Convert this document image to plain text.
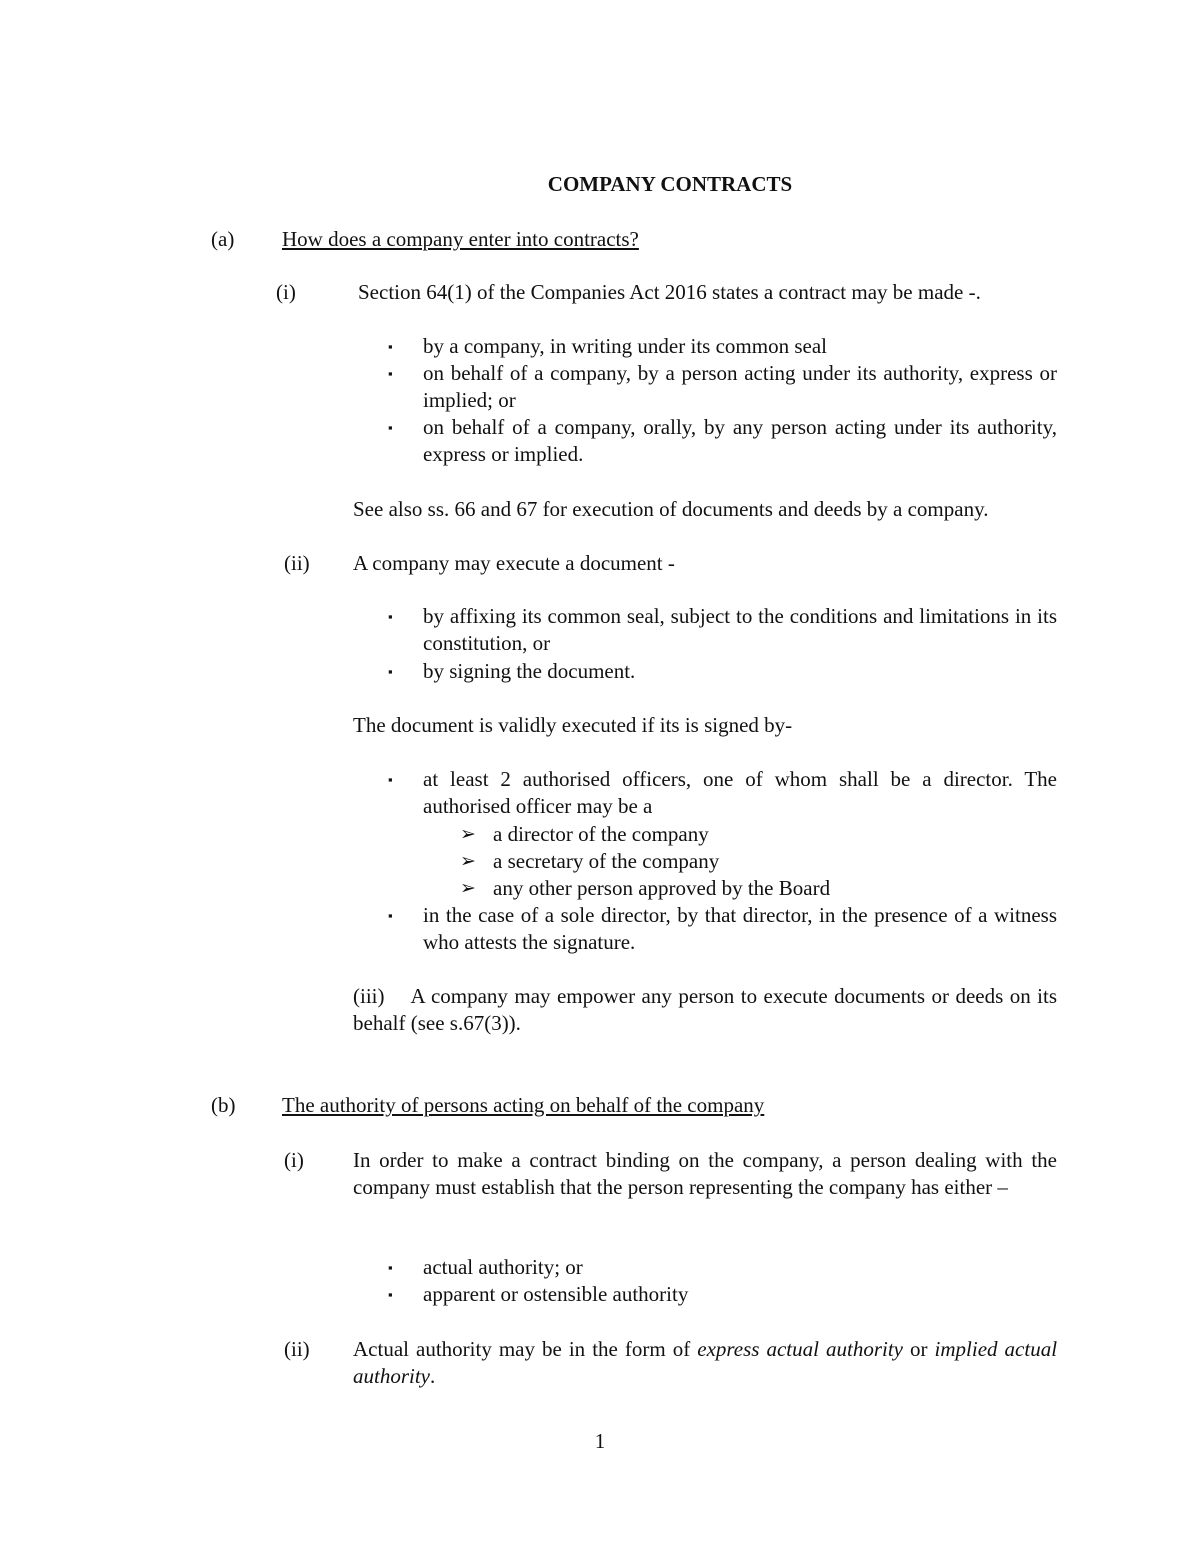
COMPANY CONTRACTS
(a) How does a company enter into contracts?
(i)	Section 64(1) of the Companies Act 2016 states a contract may be made -.
▪ by a company, in writing under its common seal
▪ on behalf of a company, by a person acting under its authority, express or implied; or
▪ on behalf of a company, orally, by any person acting under its authority, express or implied.
See also ss. 66 and 67 for execution of documents and deeds by a company.
(ii) A company may execute a document -
▪ by affixing its common seal, subject to the conditions and limitations in its constitution, or
▪ by signing the document.
The document is validly executed if its is signed by-
▪ at least 2 authorised officers, one of whom shall be a director. The authorised officer may be a
➢ a director of the company
➢ a secretary of the company
➢ any other person approved by the Board
▪ in the case of a sole director, by that director, in the presence of a witness who attests the signature.
(iii) A company may empower any person to execute documents or deeds on its behalf (see s.67(3)).
(b) The authority of persons acting on behalf of the company
(i) In order to make a contract binding on the company, a person dealing with the company must establish that the person representing the company has either –
▪ actual authority; or
▪ apparent or ostensible authority
(ii) Actual authority may be in the form of express actual authority or implied actual authority.
1
